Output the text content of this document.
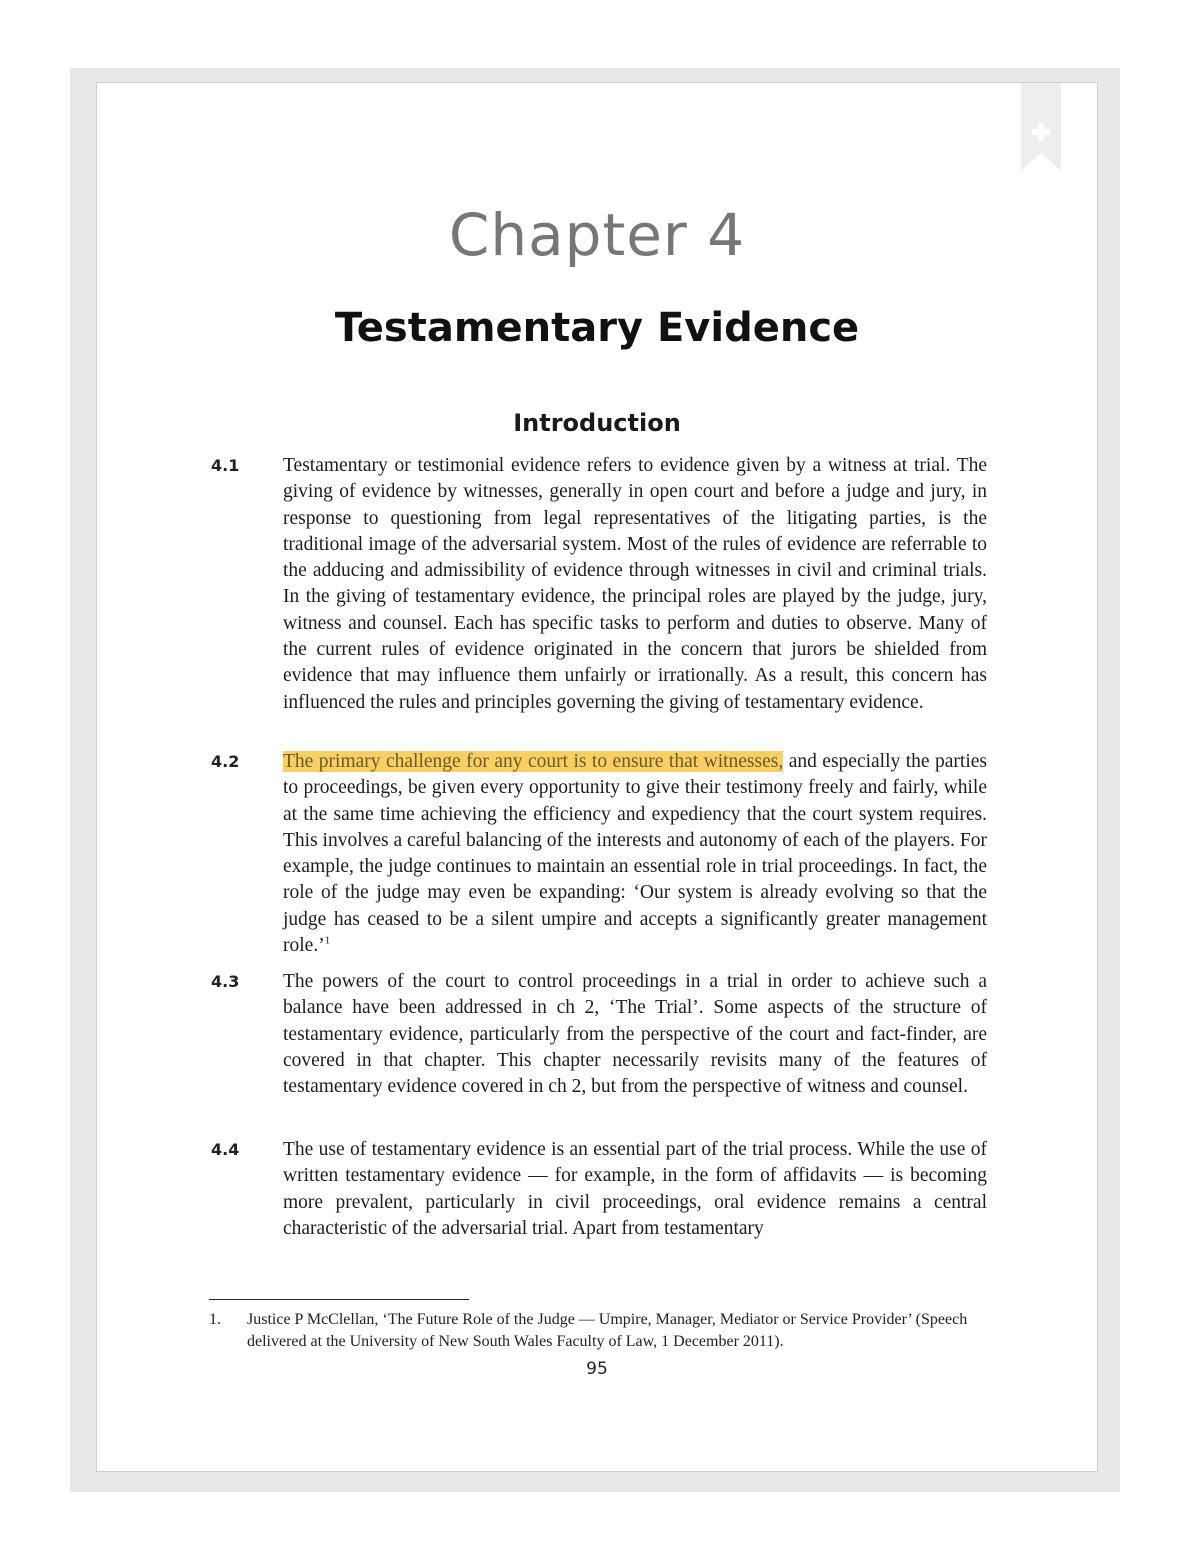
Chapter 4
Testamentary Evidence
Introduction
4.1 Testamentary or testimonial evidence refers to evidence given by a witness at trial. The giving of evidence by witnesses, generally in open court and before a judge and jury, in response to questioning from legal representatives of the litigating parties, is the traditional image of the adversarial system. Most of the rules of evidence are referrable to the adducing and admissibility of evidence through witnesses in civil and criminal trials. In the giving of testamentary evidence, the principal roles are played by the judge, jury, witness and counsel. Each has specific tasks to perform and duties to observe. Many of the current rules of evidence originated in the concern that jurors be shielded from evidence that may influence them unfairly or irrationally. As a result, this concern has influenced the rules and principles governing the giving of testamentary evidence.

4.2 The primary challenge for any court is to ensure that witnesses, and especially the parties to proceedings, be given every opportunity to give their testimony freely and fairly, while at the same time achieving the efficiency and expediency that the court system requires. This involves a careful balancing of the interests and autonomy of each of the players. For example, the judge continues to maintain an essential role in trial proceedings. In fact, the role of the judge may even be expanding: ‘Our system is already evolving so that the judge has ceased to be a silent umpire and accepts a significantly greater management role.’$^1$

4.3 The powers of the court to control proceedings in a trial in order to achieve such a balance have been addressed in ch 2, ‘The Trial’. Some aspects of the structure of testamentary evidence, particularly from the perspective of the court and fact-finder, are covered in that chapter. This chapter necessarily revisits many of the features of testamentary evidence covered in ch 2, but from the perspective of witness and counsel.

4.4 The use of testamentary evidence is an essential part of the trial process. While the use of written testamentary evidence — for example, in the form of affidavits — is becoming more prevalent, particularly in civil proceedings, oral evidence remains a central characteristic of the adversarial trial. Apart from testamentary

1. Justice P McClellan, ‘The Future Role of the Judge — Umpire, Manager, Mediator or Service Provider’ (Speech delivered at the University of New South Wales Faculty of Law, 1 December 2011).
95
